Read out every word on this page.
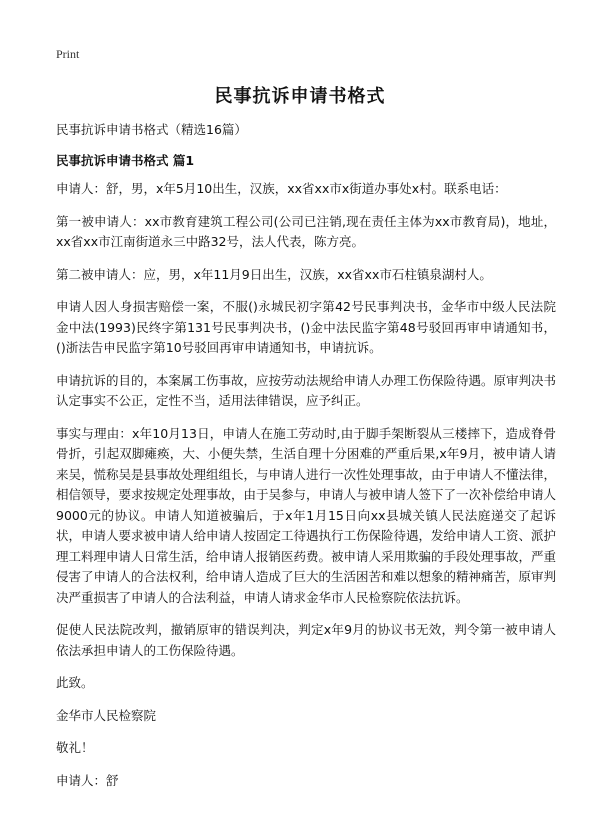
Print
民事抗诉申请书格式

民事抗诉申请书格式（精选16篇）

民事抗诉申请书格式 篇1

申请人：舒，男，x年5月10出生，汉族，xx省xx市x街道办事处x村。联系电话：

第一被申请人：xx市教育建筑工程公司(公司已注销,现在责任主体为xx市教育局)，地址，xx省xx市江南街道永三中路32号，法人代表，陈方亮。

第二被申请人：应，男，x年11月9日出生，汉族，xx省xx市石柱镇泉湖村人。

申请人因人身损害赔偿一案，不服()永城民初字第42号民事判决书，金华市中级人民法院金中法(1993)民终字第131号民事判决书，()金中法民监字第48号驳回再审申请通知书，()浙法告申民监字第10号驳回再审申请通知书，申请抗诉。

申请抗诉的目的，本案属工伤事故，应按劳动法规给申请人办理工伤保险待遇。原审判决书认定事实不公正，定性不当，适用法律错误，应予纠正。

事实与理由：x年10月13日，申请人在施工劳动时,由于脚手架断裂从三楼摔下，造成脊骨骨折，引起双脚瘫痪，大、小便失禁，生活自理十分困难的严重后果,x年9月，被申请人请来吴，慌称吴是县事故处理组组长，与申请人进行一次性处理事故，由于申请人不懂法律，相信领导，要求按规定处理事故，由于吴参与，申请人与被申请人签下了一次补偿给申请人9000元的协议。申请人知道被骗后，于x年1月15日向xx县城关镇人民法庭递交了起诉状，申请人要求被申请人给申请人按固定工待遇执行工伤保险待遇，发给申请人工资、派护理工料理申请人日常生活，给申请人报销医药费。被申请人采用欺骗的手段处理事故，严重侵害了申请人的合法权利，给申请人造成了巨大的生活困苦和难以想象的精神痛苦，原审判决严重损害了申请人的合法利益，申请人请求金华市人民检察院依法抗诉。

促使人民法院改判，撤销原审的错误判决，判定x年9月的协议书无效，判令第一被申请人依法承担申请人的工伤保险待遇。

此致。

金华市人民检察院

敬礼！

申请人：舒
